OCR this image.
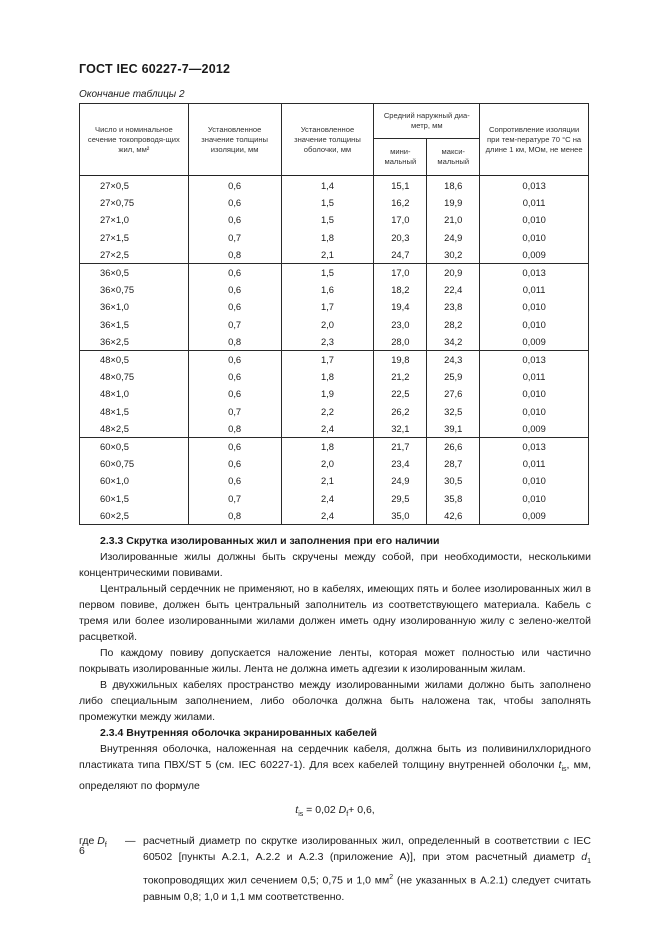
ГОСТ IEC 60227-7—2012
Окончание таблицы 2
Число и номинальное сечение токопроводя-щих жил, мм²	Установленное значение толщины изоляции, мм	Установленное значение толщины оболочки, мм	Средний наружный диа-метр, мм		Сопротивление изоляции при тем-пературе 70 °С на длине 1 км, МОм, не менее
			мини-мальный	макси-мальный	
27×0,5	0,6	1,4	15,1	18,6	0,013
27×0,75	0,6	1,5	16,2	19,9	0,011
27×1,0	0,6	1,5	17,0	21,0	0,010
27×1,5	0,7	1,8	20,3	24,9	0,010
27×2,5	0,8	2,1	24,7	30,2	0,009
36×0,5	0,6	1,5	17,0	20,9	0,013
36×0,75	0,6	1,6	18,2	22,4	0,011
36×1,0	0,6	1,7	19,4	23,8	0,010
36×1,5	0,7	2,0	23,0	28,2	0,010
36×2,5	0,8	2,3	28,0	34,2	0,009
48×0,5	0,6	1,7	19,8	24,3	0,013
48×0,75	0,6	1,8	21,2	25,9	0,011
48×1,0	0,6	1,9	22,5	27,6	0,010
48×1,5	0,7	2,2	26,2	32,5	0,010
48×2,5	0,8	2,4	32,1	39,1	0,009
60×0,5	0,6	1,8	21,7	26,6	0,013
60×0,75	0,6	2,0	23,4	28,7	0,011
60×1,0	0,6	2,1	24,9	30,5	0,010
60×1,5	0,7	2,4	29,5	35,8	0,010
60×2,5	0,8	2,4	35,0	42,6	0,009

2.3.3 Скрутка изолированных жил и заполнения при его наличии

Изолированные жилы должны быть скручены между собой, при необходимости, несколькими концентрическими повивами.

Центральный сердечник не применяют, но в кабелях, имеющих пять и более изолированных жил в первом повиве, должен быть центральный заполнитель из соответствующего материала. Кабель с тремя или более изолированными жилами должен иметь одну изолированную жилу с зелено-желтой расцветкой.

По каждому повиву допускается наложение ленты, которая может полностью или частично покрывать изолированные жилы. Лента не должна иметь адгезии к изолированным жилам.

В двухжильных кабелях пространство между изолированными жилами должно быть заполнено либо специальным заполнением, либо оболочка должна быть наложена так, чтобы заполнять промежутки между жилами.

2.3.4 Внутренняя оболочка экранированных кабелей

Внутренняя оболочка, наложенная на сердечник кабеля, должна быть из поливинилхлоридного пластиката типа ПВХ/ST 5 (см. IEC 60227-1). Для всех кабелей толщину внутренней оболочки $t_{is}$, мм, определяют по формуле

$t_{is} = 0,02$ $D_f+ 0,6$,
где $D_f$	— расчетный диаметр по скрутке изолированных жил, определенный в соответствии с IEC 60502 [пункты А.2.1, А.2.2 и А.2.3 (приложение А)], при этом расчетный диаметр $d_1$ токопроводящих жил сечением 0,5; 0,75 и 1,0 $мм^2$ (не указанных в А.2.1) следует считать равным 0,8; 1,0 и 1,1 мм соответственно.
6
